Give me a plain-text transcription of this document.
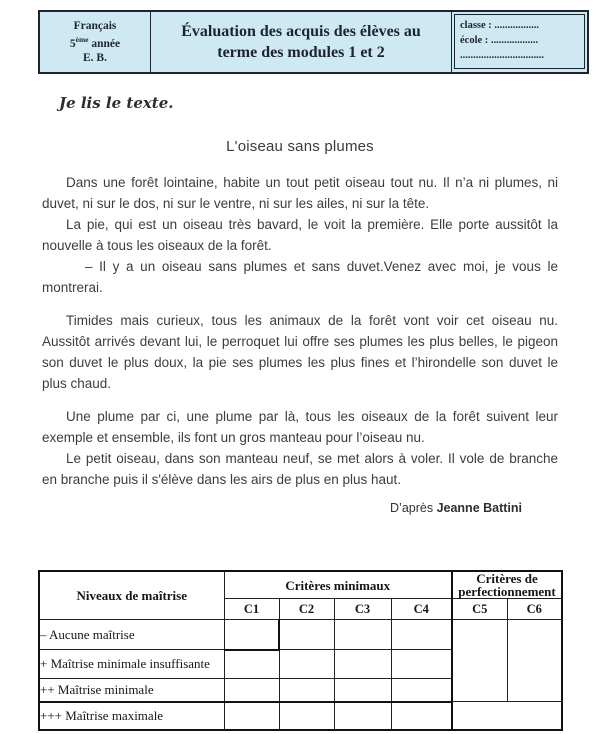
Français
5ème année
E. B.
Évaluation des acquis des élèves au
terme des modules 1 et 2
classe : .................
école : ..................
................................
Je lis le texte.
L'oiseau sans plumes

Dans une forêt lointaine, habite un tout petit oiseau tout nu. Il n’a ni plumes, ni duvet, ni sur le dos, ni sur le ventre, ni sur les ailes, ni sur la tête.

La pie, qui est un oiseau très bavard, le voit la première. Elle porte aussitôt la nouvelle à tous les oiseaux de la forêt.

– Il y a un oiseau sans plumes et sans duvet.Venez avec moi, je vous le montrerai.

Timides mais curieux, tous les animaux de la forêt vont voir cet oiseau nu. Aussitôt arrivés devant lui, le perroquet lui offre ses plumes les plus belles, le pigeon son duvet le plus doux, la pie ses plumes les plus fines et l’hirondelle son duvet le plus chaud.

Une plume par ci, une plume par là, tous les oiseaux de la forêt suivent leur exemple et ensemble, ils font un gros manteau pour l’oiseau nu.

Le petit oiseau, dans son manteau neuf, se met alors à voler. Il vole de branche en branche puis il s'élève dans les airs de plus en plus haut.

D’après Jeanne Battini
Niveaux de maîtrise	Critères minimaux				Critères de
perfectionnement	

	C1	C2	C3	C4	C5	C6
– Aucune maîtrise						
+ Maîtrise minimale insuffisante						
++ Maîtrise minimale						
+++ Maîtrise maximale						
